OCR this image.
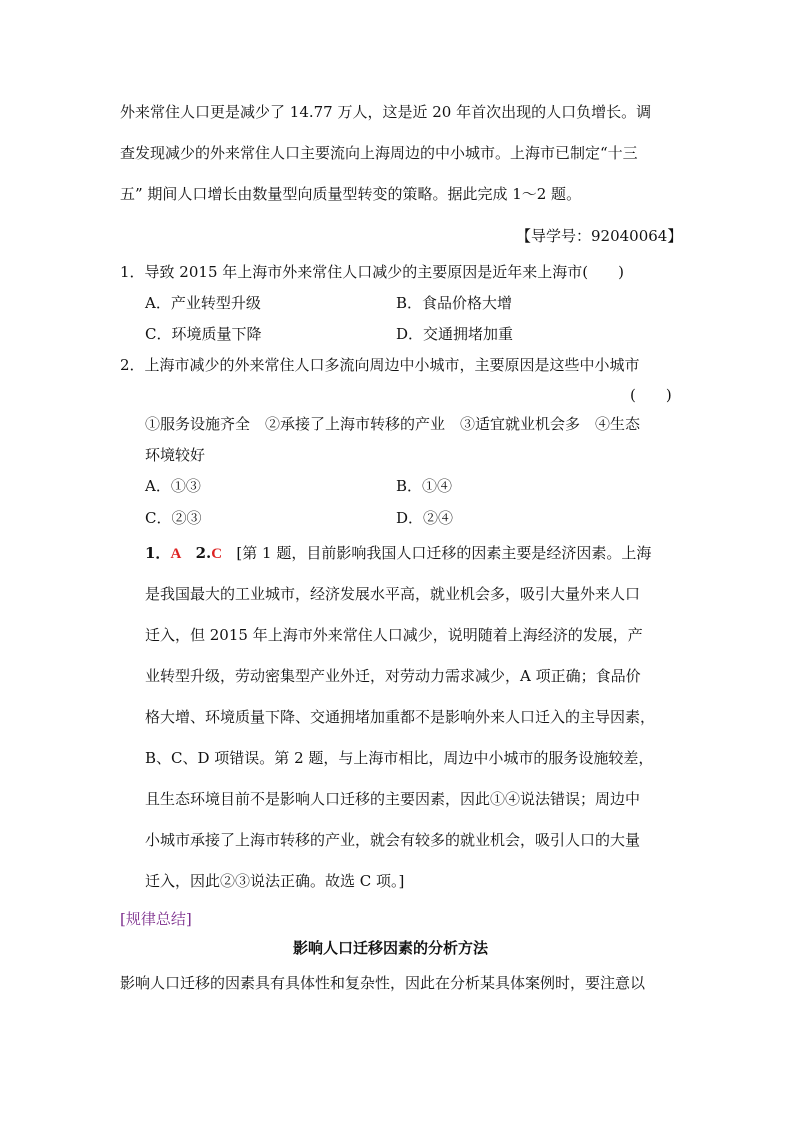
外来常住人口更是减少了 14.77 万人，这是近 20 年首次出现的人口负增长。调
查发现减少的外来常住人口主要流向上海周边的中小城市。上海市已制定“十三
五” 期间人口增长由数量型向质量型转变的策略。据此完成 1～2 题。
【导学号：92040064】
1．导致 2015 年上海市外来常住人口减少的主要原因是近年来上海市(　　)
A．产业转型升级	B．食品价格大增
C．环境质量下降	D．交通拥堵加重
2．上海市减少的外来常住人口多流向周边中小城市，主要原因是这些中小城市
(　　)
①服务设施齐全　②承接了上海市转移的产业　③适宜就业机会多　④生态
环境较好
A．①③	B．①④
C．②③	D．②④
1．A 2.C [第 1 题，目前影响我国人口迁移的因素主要是经济因素。上海
是我国最大的工业城市，经济发展水平高，就业机会多，吸引大量外来人口
迁入，但 2015 年上海市外来常住人口减少，说明随着上海经济的发展，产
业转型升级，劳动密集型产业外迁，对劳动力需求减少，A 项正确；食品价
格大增、环境质量下降、交通拥堵加重都不是影响外来人口迁入的主导因素，
B、C、D 项错误。第 2 题，与上海市相比，周边中小城市的服务设施较差，
且生态环境目前不是影响人口迁移的主要因素，因此①④说法错误；周边中
小城市承接了上海市转移的产业，就会有较多的就业机会，吸引人口的大量
迁入，因此②③说法正确。故选 C 项。]
[规律总结]
影响人口迁移因素的分析方法
影响人口迁移的因素具有具体性和复杂性，因此在分析某具体案例时，要注意以
